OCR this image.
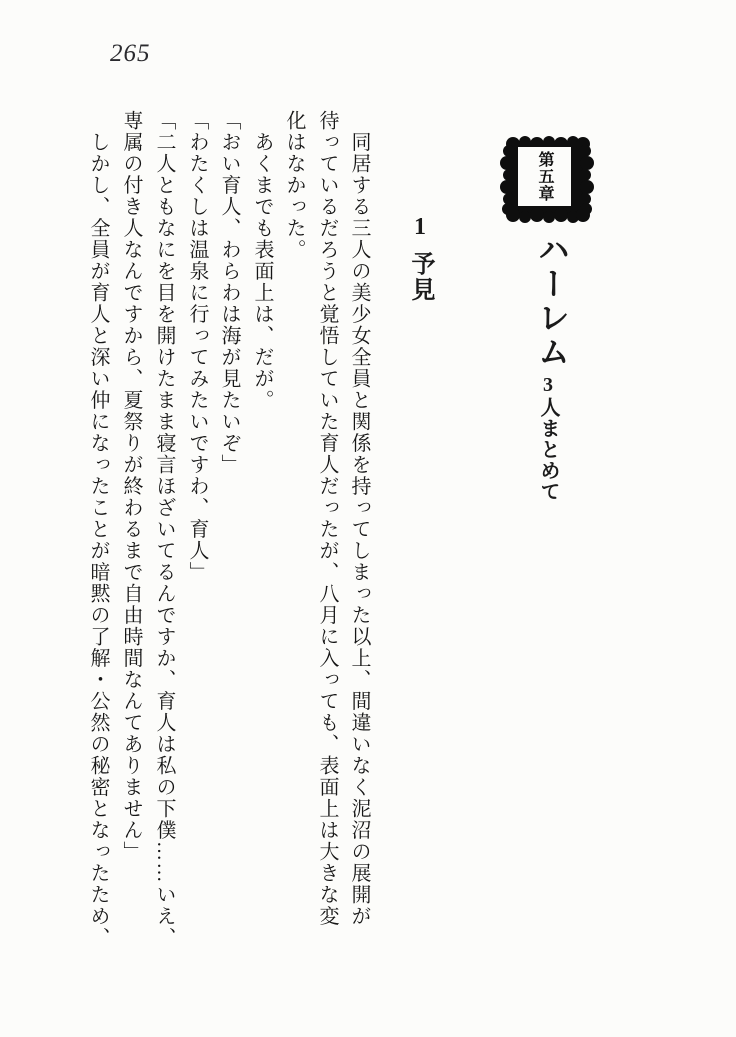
265
第五章
ハーレム
3人まとめて
1予見
　同居する三人の美少女全員と関係を持ってしまった以上、間違いなく泥沼の展開が
待っているだろうと覚悟していた育人だったが、八月に入っても、表面上は大きな変
化はなかった。
　あくまでも表面上は、だが。
「おい育人、わらわは海が見たいぞ」
「わたくしは温泉に行ってみたいですわ、育人」
「二人ともなにを目を開けたまま寝言ほざいてるんですか、育人は私の下僕……いえ、
専属の付き人なんですから、夏祭りが終わるまで自由時間なんてありません」
　しかし、全員が育人と深い仲になったことが暗黙の了解・公然の秘密となったため、
